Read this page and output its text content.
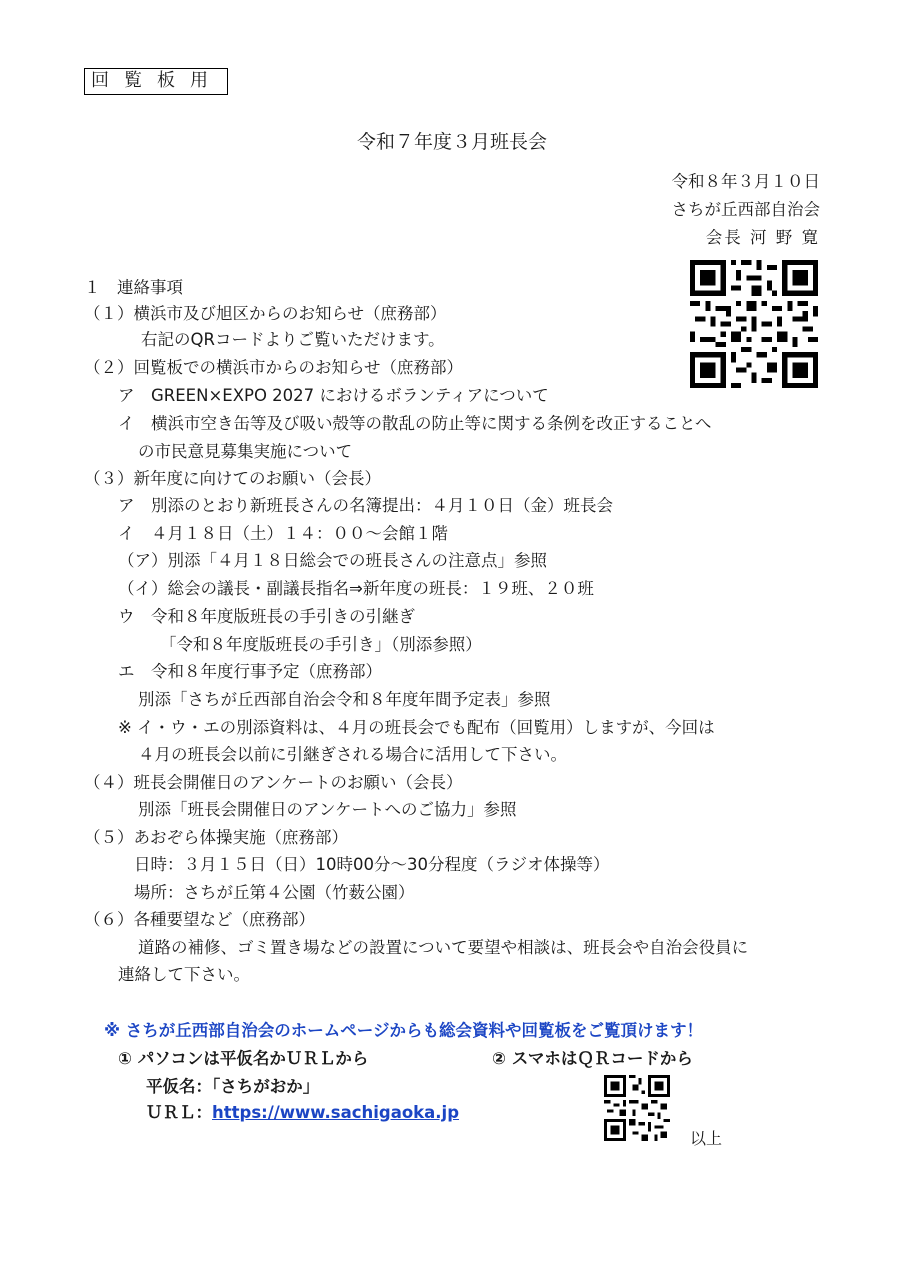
回覧板用
令和７年度３月班長会
令和８年３月１０日
さちが丘西部自治会
会長 河 野 寛
１　連絡事項
（１）横浜市及び旭区からのお知らせ（庶務部）
右記のQRコードよりご覧いただけます。
（２）回覧板での横浜市からのお知らせ（庶務部）
ア　GREEN×EXPO 2027 におけるボランティアについて
イ　横浜市空き缶等及び吸い殻等の散乱の防止等に関する条例を改正することへ
の市民意見募集実施について
（３）新年度に向けてのお願い（会長）
ア　別添のとおり新班長さんの名簿提出：４月１０日（金）班長会
イ　４月１８日（土）１４：００～会館１階
（ア）別添「４月１８日総会での班長さんの注意点」参照
（イ）総会の議長・副議長指名⇒新年度の班長：１９班、２０班
ウ　令和８年度版班長の手引きの引継ぎ
「令和８年度版班長の手引き」（別添参照）
エ　令和８年度行事予定（庶務部）
別添「さちが丘西部自治会令和８年度年間予定表」参照
※ イ・ウ・エの別添資料は、４月の班長会でも配布（回覧用）しますが、今回は
４月の班長会以前に引継ぎされる場合に活用して下さい。
（４）班長会開催日のアンケートのお願い（会長）
別添「班長会開催日のアンケートへのご協力」参照
（５）あおぞら体操実施（庶務部）
日時：３月１５日（日）10時00分～30分程度（ラジオ体操等）
場所：さちが丘第４公園（竹薮公園）
（６）各種要望など（庶務部）
道路の補修、ゴミ置き場などの設置について要望や相談は、班長会や自治会役員に
連絡して下さい。
※ さちが丘西部自治会のホームページからも総会資料や回覧板をご覧頂けます！
① パソコンは平仮名かＵＲＬから	② スマホはＱＲコードから
平仮名：「さちがおか」
ＵＲＬ：https://www.sachigaoka.jp
以上
